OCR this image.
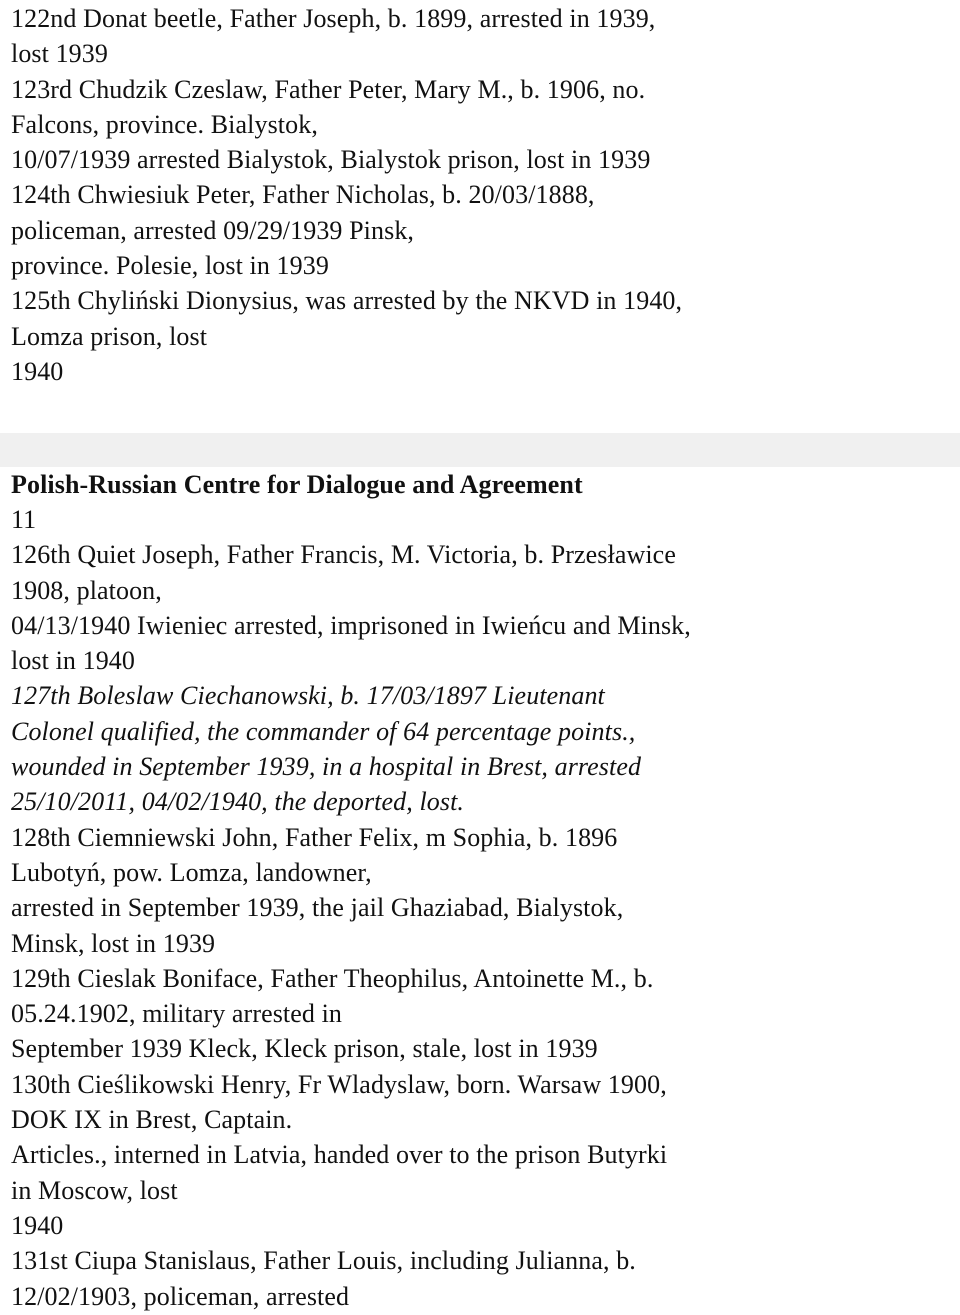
122nd Donat beetle, Father Joseph, b. 1899, arrested in 1939,
lost 1939
123rd Chudzik Czeslaw, Father Peter, Mary M., b. 1906, no.
Falcons, province. Bialystok,
10/07/1939 arrested Bialystok, Bialystok prison, lost in 1939
124th Chwiesiuk Peter, Father Nicholas, b. 20/03/1888,
policeman, arrested 09/29/1939 Pinsk,
province. Polesie, lost in 1939
125th Chyliński Dionysius, was arrested by the NKVD in 1940,
Lomza prison, lost
1940
Polish-Russian Centre for Dialogue and Agreement
11
126th Quiet Joseph, Father Francis, M. Victoria, b. Przesławice
1908, platoon,
04/13/1940 Iwieniec arrested, imprisoned in Iwieńcu and Minsk,
lost in 1940
127th Boleslaw Ciechanowski, b. 17/03/1897 Lieutenant
Colonel qualified, the commander of 64 percentage points.,
wounded in September 1939, in a hospital in Brest, arrested
25/10/2011, 04/02/1940, the deported, lost.
128th Ciemniewski John, Father Felix, m Sophia, b. 1896
Lubotyń, pow. Lomza, landowner,
arrested in September 1939, the jail Ghaziabad, Bialystok,
Minsk, lost in 1939
129th Cieslak Boniface, Father Theophilus, Antoinette M., b.
05.24.1902, military arrested in
September 1939 Kleck, Kleck prison, stale, lost in 1939
130th Cieślikowski Henry, Fr Wladyslaw, born. Warsaw 1900,
DOK IX in Brest, Captain.
Articles., interned in Latvia, handed over to the prison Butyrki
in Moscow, lost
1940
131st Ciupa Stanislaus, Father Louis, including Julianna, b.
12/02/1903, policeman, arrested
